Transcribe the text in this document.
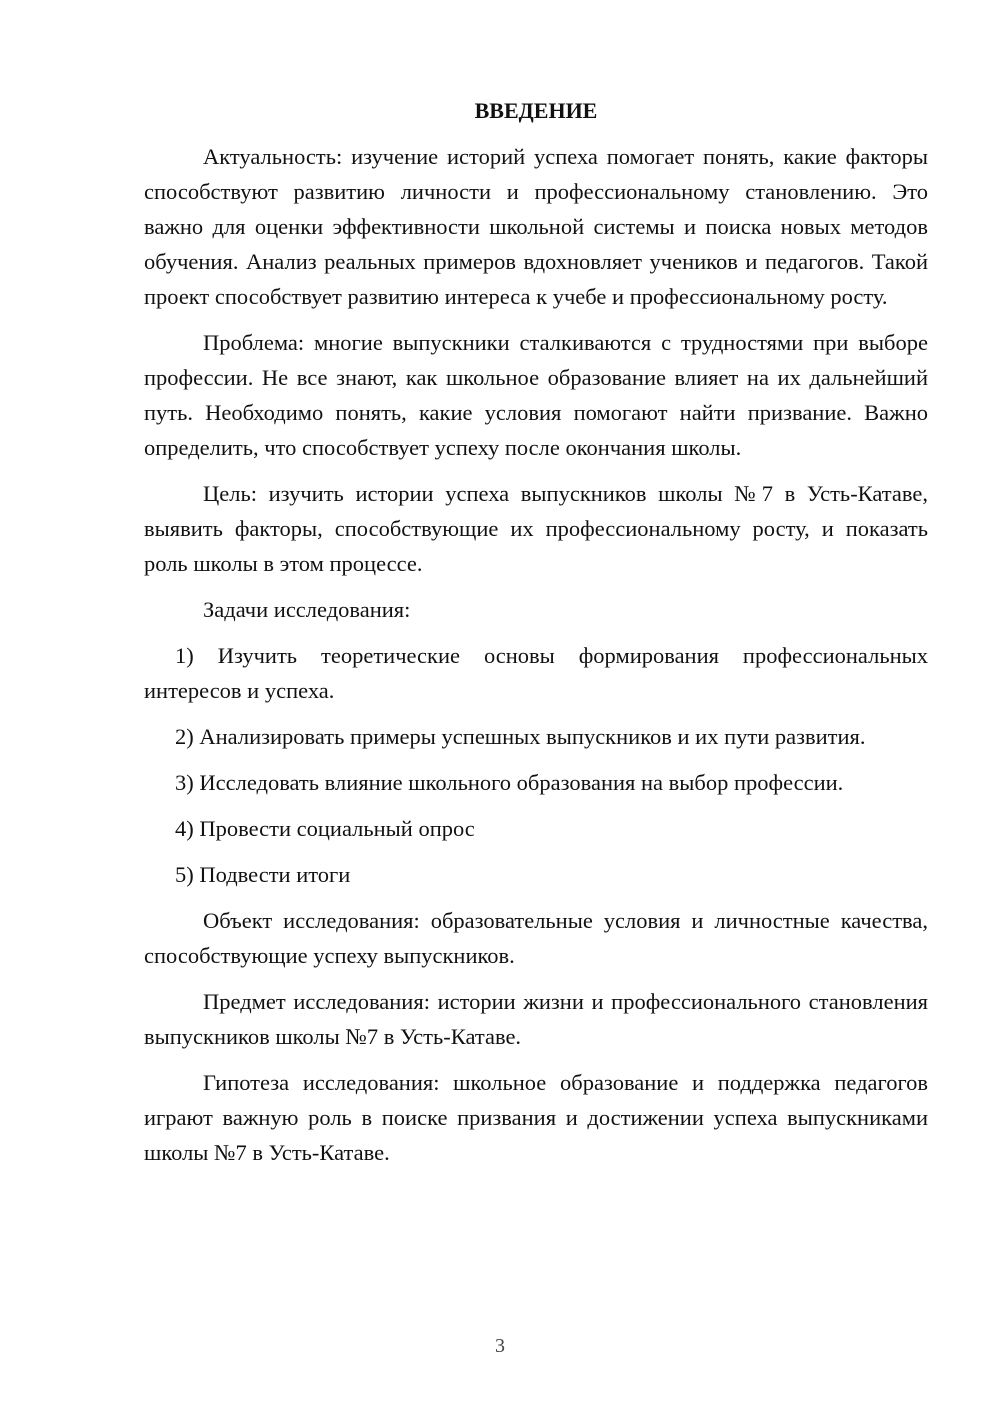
ВВЕДЕНИЕ

Актуальность: изучение историй успеха помогает понять, какие факторы способствуют развитию личности и профессиональному становлению. Это важно для оценки эффективности школьной системы и поиска новых методов обучения. Анализ реальных примеров вдохновляет учеников и педагогов. Такой проект способствует развитию интереса к учебе и профессиональному росту.

Проблема: многие выпускники сталкиваются с трудностями при выборе профессии. Не все знают, как школьное образование влияет на их дальнейший путь. Необходимо понять, какие условия помогают найти призвание. Важно определить, что способствует успеху после окончания школы.

Цель: изучить истории успеха выпускников школы №7 в Усть-Катаве, выявить факторы, способствующие их профессиональному росту, и показать роль школы в этом процессе.

Задачи исследования:

1) Изучить теоретические основы формирования профессиональных интересов и успеха.

2) Анализировать примеры успешных выпускников и их пути развития.

3) Исследовать влияние школьного образования на выбор профессии.

4) Провести социальный опрос

5) Подвести итоги

Объект исследования: образовательные условия и личностные качества, способствующие успеху выпускников.

Предмет исследования: истории жизни и профессионального становления выпускников школы №7 в Усть-Катаве.

Гипотеза исследования: школьное образование и поддержка педагогов играют важную роль в поиске призвания и достижении успеха выпускниками школы №7 в Усть-Катаве.

3
